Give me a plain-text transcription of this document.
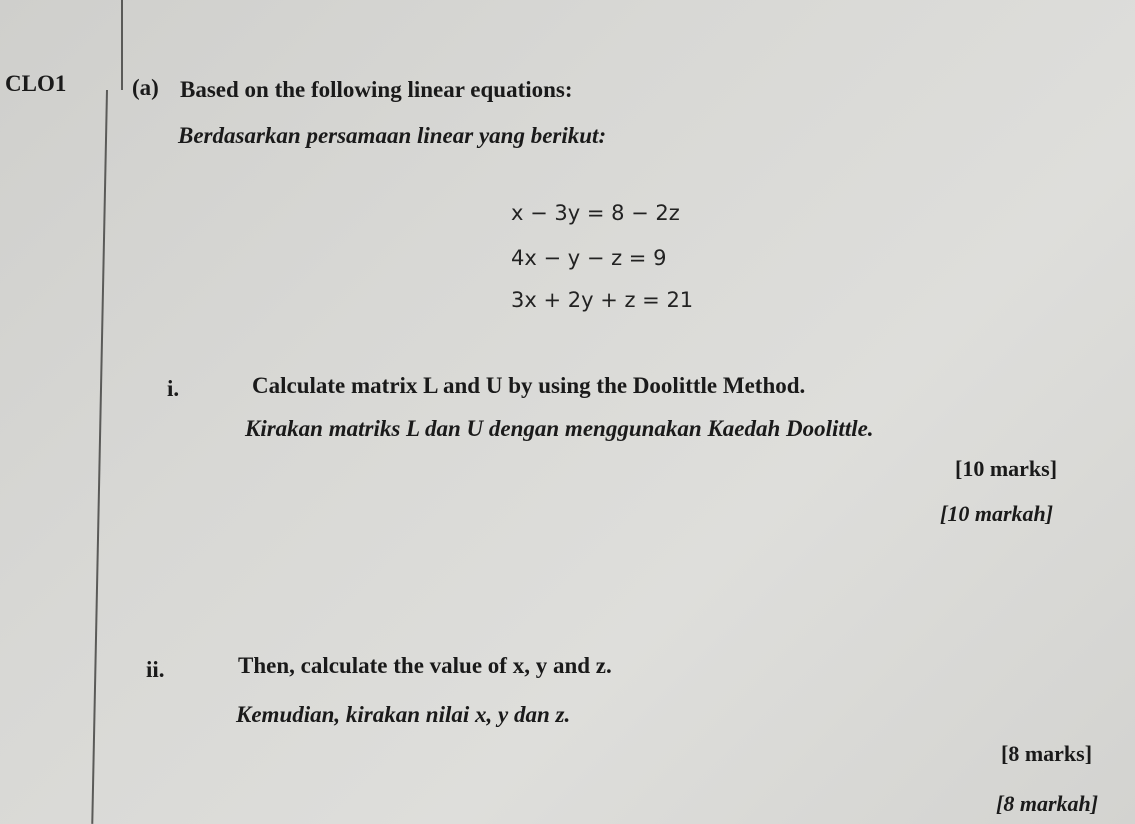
CLO1	(a) Based on the following linear equations:
Berdasarkan persamaan linear yang berikut:
x − 3y = 8 − 2z
4x − y − z = 9
3x + 2y + z = 21
i.	Calculate matrix L and U by using the Doolittle Method.
Kirakan matriks L dan U dengan menggunakan Kaedah Doolittle.
[10 marks]
[10 markah]
ii.	Then, calculate the value of x, y and z.
Kemudian, kirakan nilai x, y dan z.
[8 marks]
[8 markah]
